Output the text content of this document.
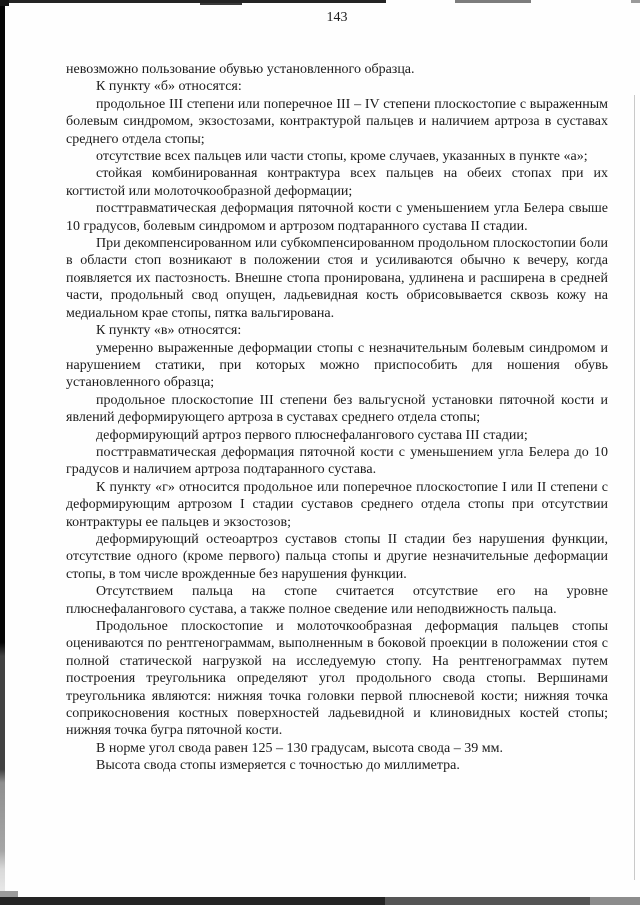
143

невозможно пользование обувью установленного образца.

К пункту «б» относятся:

продольное III степени или поперечное III – IV степени плоскостопие с выраженным болевым синдромом, экзостозами, контрактурой пальцев и наличием артроза в суставах среднего отдела стопы;

отсутствие всех пальцев или части стопы, кроме случаев, указанных в пункте «а»;

стойкая комбинированная контрактура всех пальцев на обеих стопах при их когтистой или молоточкообразной деформации;

посттравматическая деформация пяточной кости с уменьшением угла Белера свыше 10 градусов, болевым синдромом и артрозом подтаранного сустава II стадии.

При декомпенсированном или субкомпенсированном продольном плоскостопии боли в области стоп возникают в положении стоя и усиливаются обычно к вечеру, когда появляется их пастозность. Внешне стопа пронирована, удлинена и расширена в средней части, продольный свод опущен, ладьевидная кость обрисовывается сквозь кожу на медиальном крае стопы, пятка вальгирована.

К пункту «в» относятся:

умеренно выраженные деформации стопы с незначительным болевым синдромом и нарушением статики, при которых можно приспособить для ношения обувь установленного образца;

продольное плоскостопие III степени без вальгусной установки пяточной кости и явлений деформирующего артроза в суставах среднего отдела стопы;

деформирующий артроз первого плюснефалангового сустава III стадии;

посттравматическая деформация пяточной кости с уменьшением угла Белера до 10 градусов и наличием артроза подтаранного сустава.

К пункту «г» относится продольное или поперечное плоскостопие I или II степени с деформирующим артрозом I стадии суставов среднего отдела стопы при отсутствии контрактуры ее пальцев и экзостозов;

деформирующий остеоартроз суставов стопы II стадии без нарушения функции, отсутствие одного (кроме первого) пальца стопы и другие незначительные деформации стопы, в том числе врожденные без нарушения функции.

Отсутствием пальца на стопе считается отсутствие его на уровне плюснефалангового сустава, а также полное сведение или неподвижность пальца.

Продольное плоскостопие и молоточкообразная деформация пальцев стопы оцениваются по рентгенограммам, выполненным в боковой проекции в положении стоя с полной статической нагрузкой на исследуемую стопу. На рентгенограммах путем построения треугольника определяют угол продольного свода стопы. Вершинами треугольника являются: нижняя точка головки первой плюсневой кости; нижняя точка соприкосновения костных поверхностей ладьевидной и клиновидных костей стопы; нижняя точка бугра пяточной кости.

В норме угол свода равен 125 – 130 градусам, высота свода – 39 мм.

Высота свода стопы измеряется с точностью до миллиметра.
